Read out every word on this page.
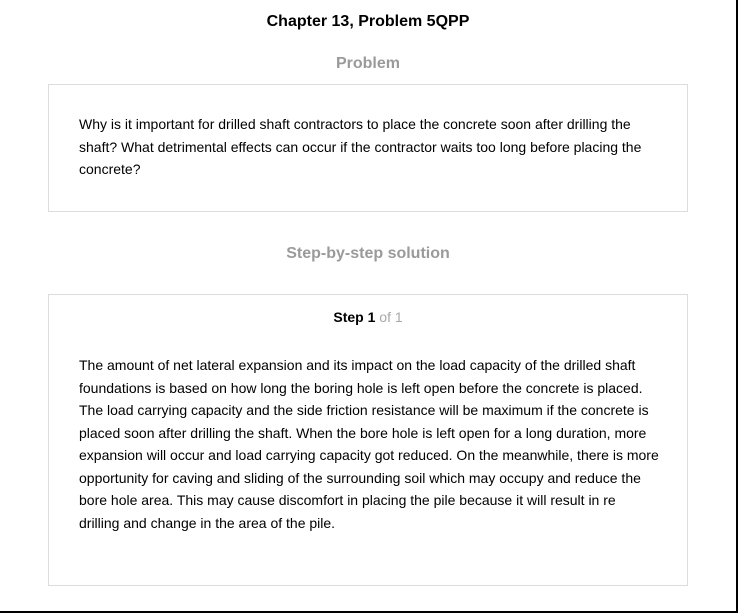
Chapter 13, Problem 5QPP
Problem
Why is it important for drilled shaft contractors to place the concrete soon after drilling the shaft? What detrimental effects can occur if the contractor waits too long before placing the concrete?
Step-by-step solution
Step 1 of 1
The amount of net lateral expansion and its impact on the load capacity of the drilled shaft foundations is based on how long the boring hole is left open before the concrete is placed. The load carrying capacity and the side friction resistance will be maximum if the concrete is placed soon after drilling the shaft. When the bore hole is left open for a long duration, more expansion will occur and load carrying capacity got reduced. On the meanwhile, there is more opportunity for caving and sliding of the surrounding soil which may occupy and reduce the bore hole area. This may cause discomfort in placing the pile because it will result in re drilling and change in the area of the pile.
